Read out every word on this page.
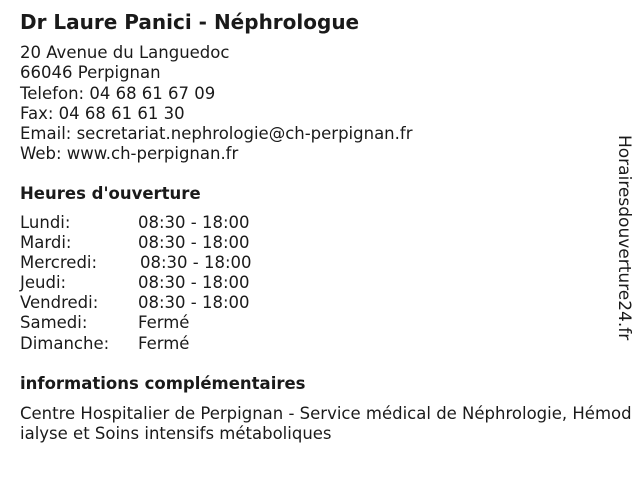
Dr Laure Panici - Néphrologue
20 Avenue du Languedoc
66046 Perpignan
Telefon: 04 68 61 67 09
Fax: 04 68 61 61 30
Email: secretariat.nephrologie@ch-perpignan.fr
Web: www.ch-perpignan.fr
Heures d'ouverture
Lundi:	08:30 - 18:00
Mardi:	08:30 - 18:00
Mercredi:	08:30 - 18:00
Jeudi:	08:30 - 18:00
Vendredi: 08:30 - 18:00
Samedi:	Fermé
Dimanche: Fermé
informations complémentaires
Centre Hospitalier de Perpignan - Service médical de Néphrologie, Hémodialyse et Soins intensifs métaboliques
Horairesdouverture24.fr
